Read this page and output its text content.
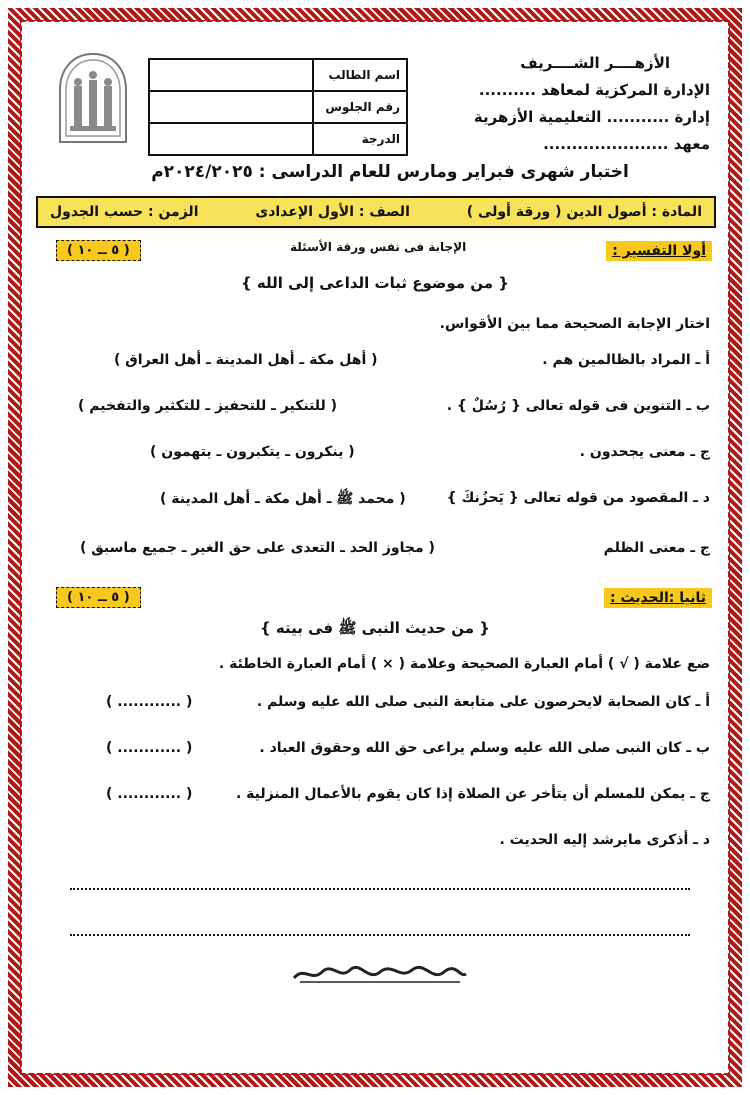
الأزهــــر الشــــريف
الإدارة المركزية لمعاهد ..........
إدارة ........... التعليمية الأزهرية
معهد ......................
اسم الطالب	
رقم الجلوس	
الدرجة	
اختبار شهرى فبراير ومارس للعام الدراسى : ٢٠٢٤/٢٠٢٥م
المادة : أصول الدين ( ورقة أولى )
الصف : الأول الإعدادى
الزمن : حسب الجدول
أولا التفسير :
الإجابة فى نفس ورقة الأسئلة
( ٥ ــ ١٠ )
{ من موضوع ثبات الداعى إلى الله }
اختار الإجابة الصحيحة مما بين الأقواس.
أ ـ المراد بالظالمين هم .
( أهل مكة ـ أهل المدينة ـ أهل العراق )
ب ـ التنوين فى قوله تعالى { رُسُلٌ } .
( للتنكير ـ للتحفيز ـ للتكثير والتفخيم )
ج ـ معنى يجحدون .
( ينكرون ـ يتكبرون ـ يتهمون )
د ـ المقصود من قوله تعالى { يَحزُنكَ }
( محمد ﷺ ـ أهل مكة ـ أهل المدينة )
ج ـ معنى الظلم
( مجاوز الحد ـ التعدى على حق الغير ـ جميع ماسبق )
ثانيا :الحديث :
( ٥ ــ ١٠ )
{ من حديث النبى ﷺ فى بيته }
ضع علامة ( √ ) أمام العبارة الصحيحة وعلامة ( × ) أمام العبارة الخاطئة .
أ ـ كان الصحابة لايحرصون على متابعة النبى صلى الله عليه وسلم .
( ............ )
ب ـ كان النبى صلى الله عليه وسلم يراعى حق الله وحقوق العباد .
( ............ )
ج ـ يمكن للمسلم أن يتأخر عن الصلاة إذا كان يقوم بالأعمال المنزلية .
( ............ )
د ـ أذكرى مايرشد إليه الحديث .
